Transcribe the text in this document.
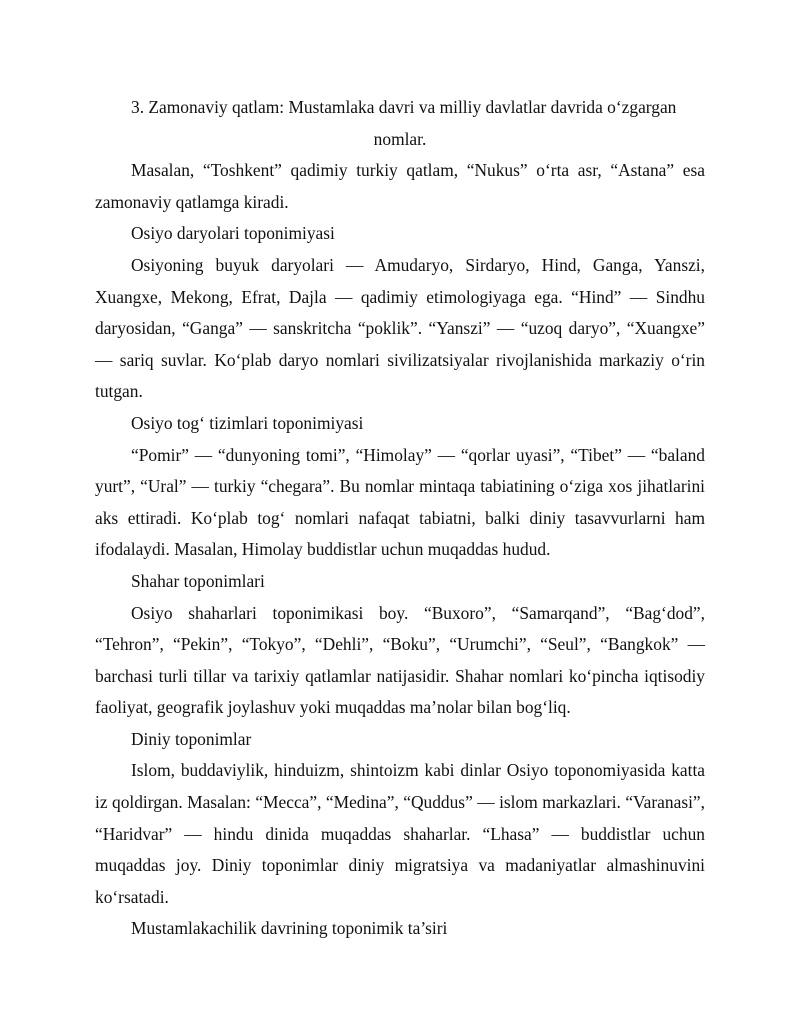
3. Zamonaviy qatlam: Mustamlaka davri va milliy davlatlar davrida o‘zgargan

nomlar.

Masalan, “Toshkent” qadimiy turkiy qatlam, “Nukus” o‘rta asr, “Astana” esa zamonaviy qatlamga kiradi.

Osiyo daryolari toponimiyasi

Osiyoning buyuk daryolari — Amudaryo, Sirdaryo, Hind, Ganga, Yanszi, Xuangxe, Mekong, Efrat, Dajla — qadimiy etimologiyaga ega. “Hind” — Sindhu daryosidan, “Ganga” — sanskritcha “poklik”. “Yanszi” — “uzoq daryo”, “Xuangxe” — sariq suvlar. Ko‘plab daryo nomlari sivilizatsiyalar rivojlanishida markaziy o‘rin tutgan.

Osiyo tog‘ tizimlari toponimiyasi

“Pomir” — “dunyoning tomi”, “Himolay” — “qorlar uyasi”, “Tibet” — “baland yurt”, “Ural” — turkiy “chegara”. Bu nomlar mintaqa tabiatining o‘ziga xos jihatlarini aks ettiradi. Ko‘plab tog‘ nomlari nafaqat tabiatni, balki diniy tasavvurlarni ham ifodalaydi. Masalan, Himolay buddistlar uchun muqaddas hudud.

Shahar toponimlari

Osiyo shaharlari toponimikasi boy. “Buxoro”, “Samarqand”, “Bag‘dod”, “Tehron”, “Pekin”, “Tokyo”, “Dehli”, “Boku”, “Urumchi”, “Seul”, “Bangkok” — barchasi turli tillar va tarixiy qatlamlar natijasidir. Shahar nomlari ko‘pincha iqtisodiy faoliyat, geografik joylashuv yoki muqaddas ma’nolar bilan bog‘liq.

Diniy toponimlar

Islom, buddaviylik, hinduizm, shintoizm kabi dinlar Osiyo toponomiyasida katta iz qoldirgan. Masalan: “Mecca”, “Medina”, “Quddus” — islom markazlari. “Varanasi”, “Haridvar” — hindu dinida muqaddas shaharlar. “Lhasa” — buddistlar uchun muqaddas joy. Diniy toponimlar diniy migratsiya va madaniyatlar almashinuvini ko‘rsatadi.

Mustamlakachilik davrining toponimik ta’siri
